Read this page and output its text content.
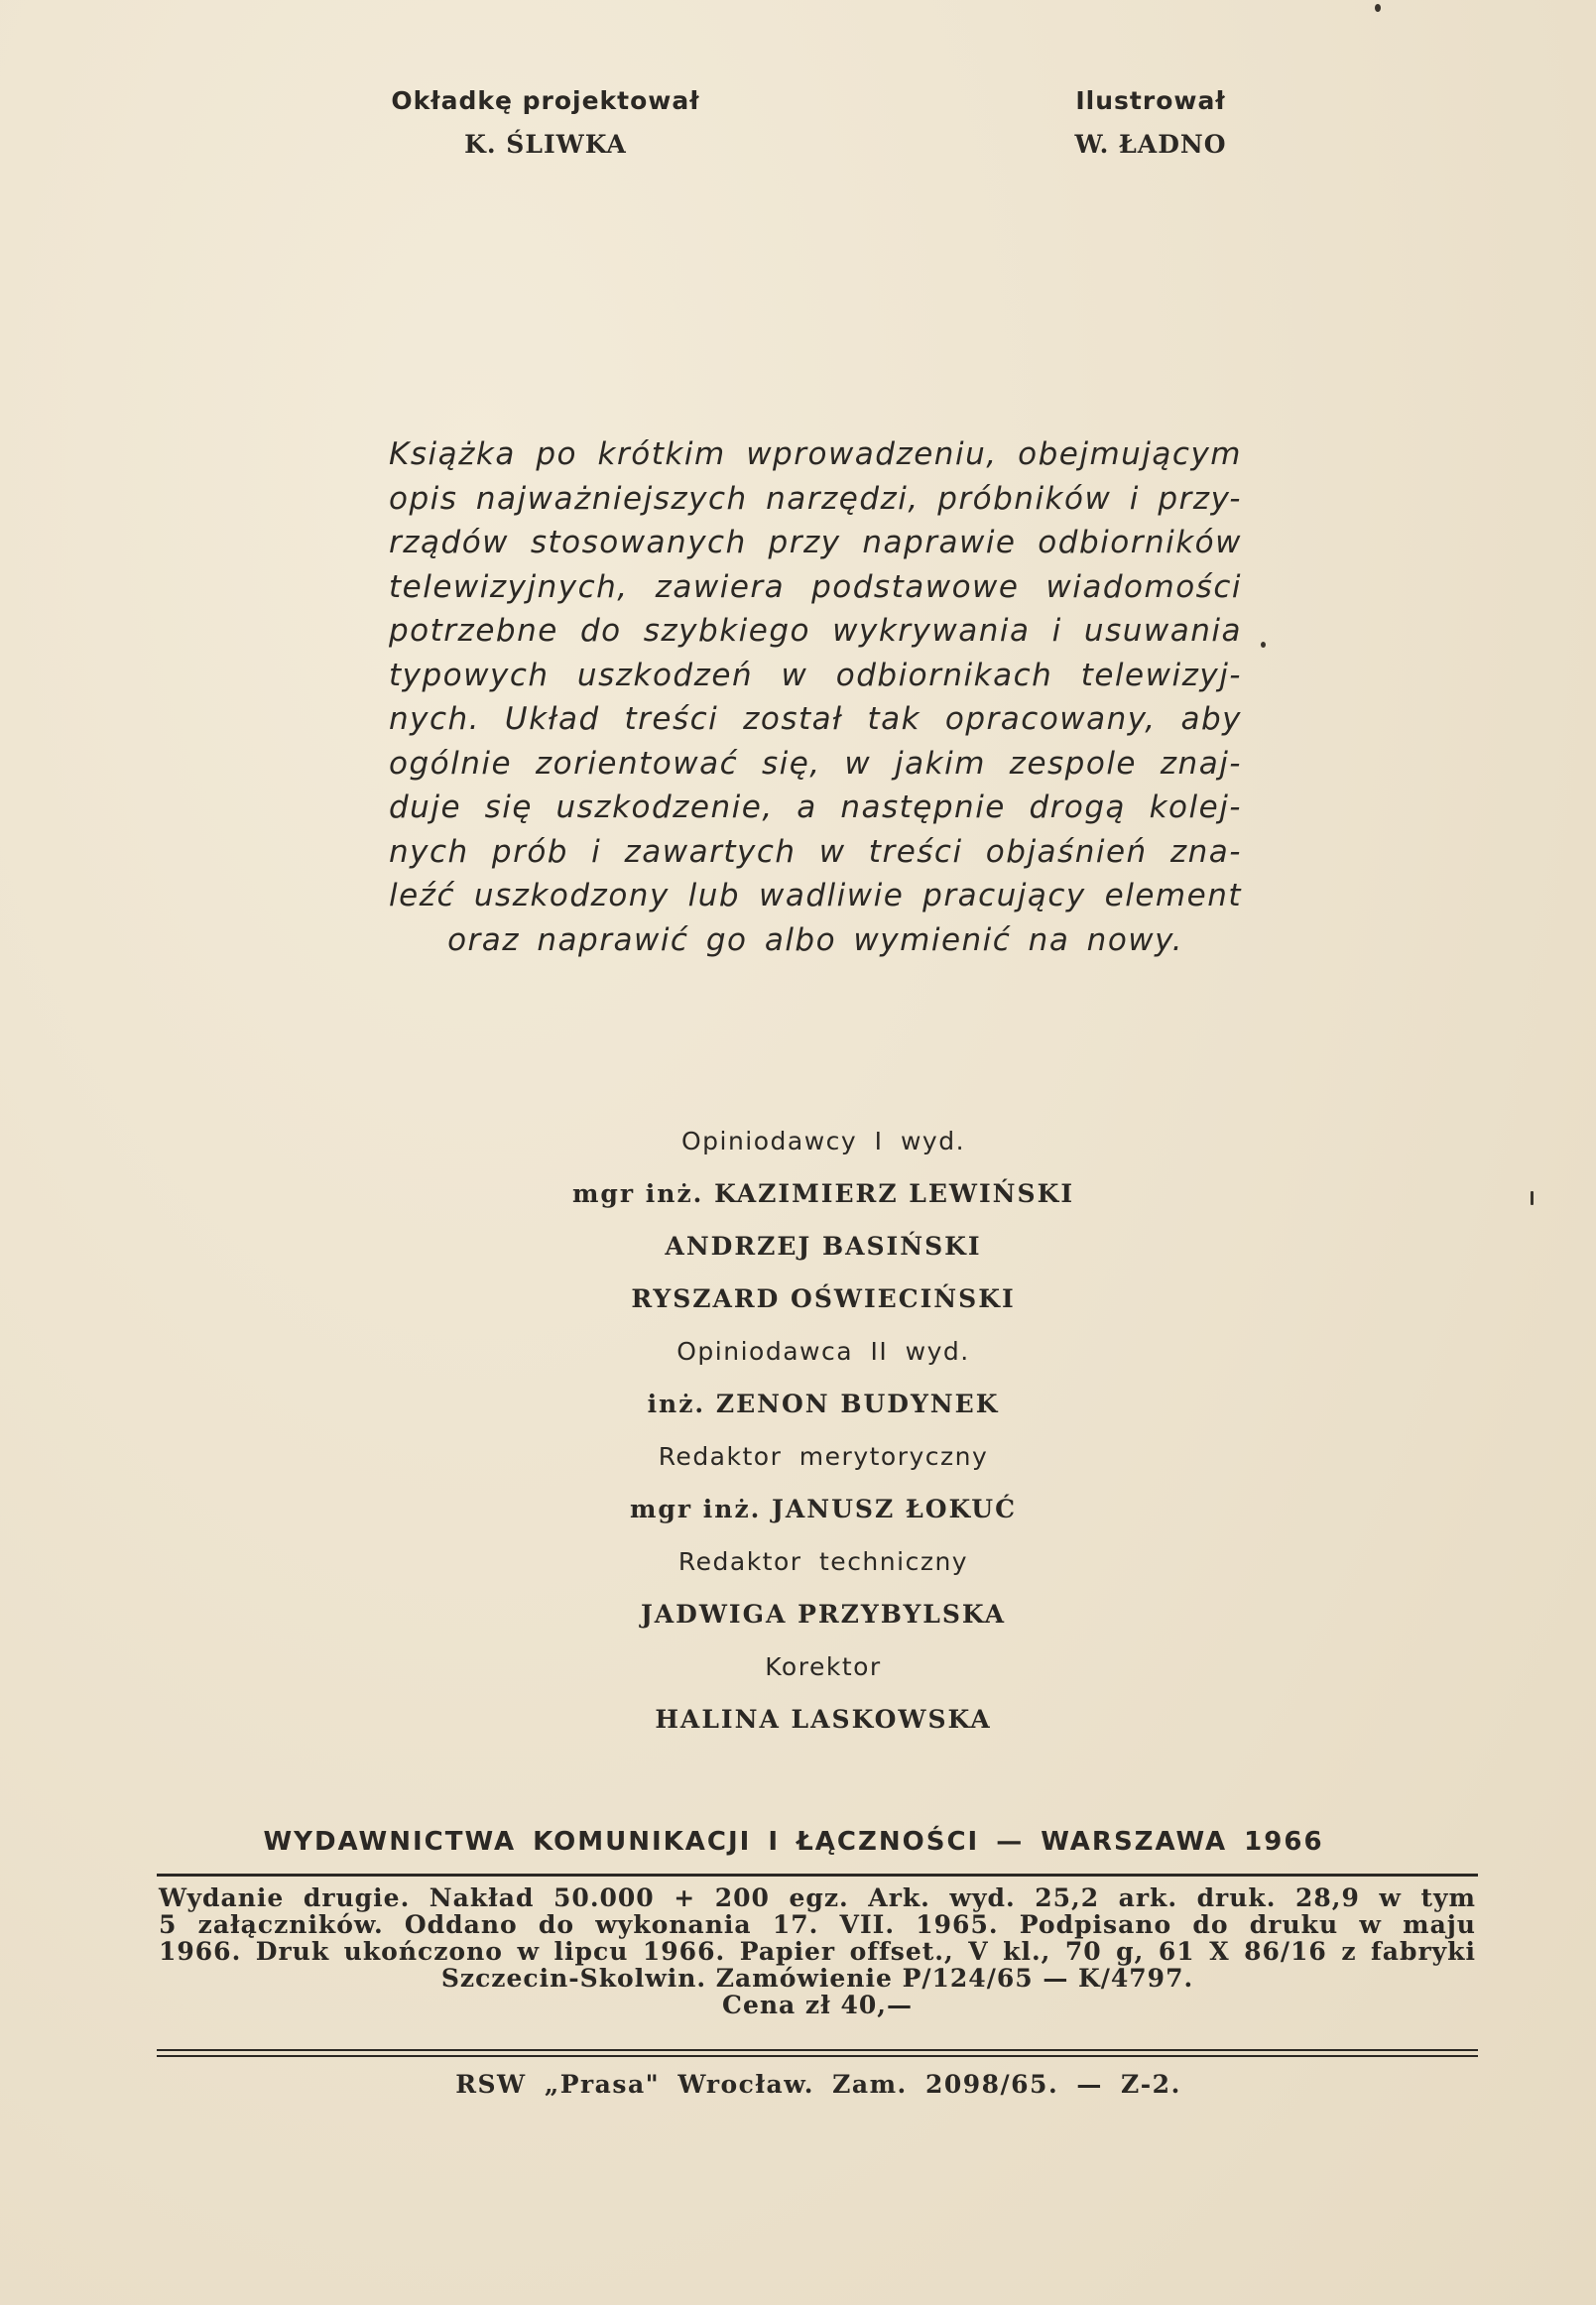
Okładkę projektował
K. ŚLIWKA
Ilustrował
W. ŁADNO
Książka po krótkim wprowadzeniu, obejmującym
opis najważniejszych narzędzi, próbników i przy-
rządów stosowanych przy naprawie odbiorników
telewizyjnych, zawiera podstawowe wiadomości
potrzebne do szybkiego wykrywania i usuwania
typowych uszkodzeń w odbiornikach telewizyj-
nych. Układ treści został tak opracowany, aby
ogólnie zorientować się, w jakim zespole znaj-
duje się uszkodzenie, a następnie drogą kolej-
nych prób i zawartych w treści objaśnień zna-
leźć uszkodzony lub wadliwie pracujący element
oraz naprawić go albo wymienić na nowy.
Opiniodawcy I wyd.
mgr inż. KAZIMIERZ LEWIŃSKI
ANDRZEJ BASIŃSKI
RYSZARD OŚWIECIŃSKI
Opiniodawca II wyd.
inż. ZENON BUDYNEK
Redaktor merytoryczny
mgr inż. JANUSZ ŁOKUĆ
Redaktor techniczny
JADWIGA PRZYBYLSKA
Korektor
HALINA LASKOWSKA
WYDAWNICTWA KOMUNIKACJI I ŁĄCZNOŚCI — WARSZAWA 1966
Wydanie drugie. Nakład 50.000 + 200 egz. Ark. wyd. 25,2 ark. druk. 28,9 w tym
5 załączników. Oddano do wykonania 17. VII. 1965. Podpisano do druku w maju
1966. Druk ukończono w lipcu 1966. Papier offset., V kl., 70 g, 61 X 86/16 z fabryki
Szczecin-Skolwin. Zamówienie P/124/65 — K/4797.
Cena zł 40,—
RSW „Prasa" Wrocław. Zam. 2098/65. — Z-2.
